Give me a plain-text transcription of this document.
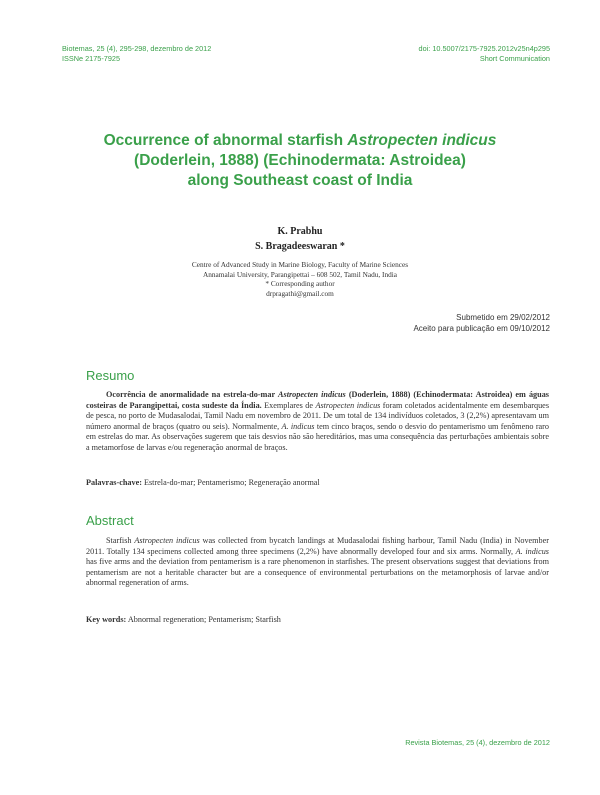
Biotemas, 25 (4), 295-298, dezembro de 2012
ISSNe 2175-7925
doi: 10.5007/2175-7925.2012v25n4p295
Short Communication
Occurrence of abnormal starfish Astropecten indicus
(Doderlein, 1888) (Echinodermata: Astroidea)
along Southeast coast of India
K. Prabhu
S. Bragadeeswaran *
Centre of Advanced Study in Marine Biology, Faculty of Marine Sciences
Annamalai University, Parangipettai – 608 502, Tamil Nadu, India
* Corresponding author
drpragathi@gmail.com
Submetido em 29/02/2012
Aceito para publicação em 09/10/2012
Resumo
Ocorrência de anormalidade na estrela-do-mar Astropecten indicus (Doderlein, 1888) (Echinodermata: Astroidea) em águas costeiras de Parangipettai, costa sudeste da Índia. Exemplares de Astropecten indicus foram coletados acidentalmente em desembarques de pesca, no porto de Mudasalodai, Tamil Nadu em novembro de 2011. De um total de 134 indivíduos coletados, 3 (2,2%) apresentavam um número anormal de braços (quatro ou seis). Normalmente, A. indicus tem cinco braços, sendo o desvio do pentamerismo um fenômeno raro em estrelas do mar. As observações sugerem que tais desvios não são hereditários, mas uma consequência das perturbações ambientais sobre a metamorfose de larvas e/ou regeneração anormal de braços.
Palavras-chave: Estrela-do-mar; Pentamerismo; Regeneração anormal
Abstract
Starfish Astropecten indicus was collected from bycatch landings at Mudasalodai fishing harbour, Tamil Nadu (India) in November 2011. Totally 134 specimens collected among three specimens (2,2%) have abnormally developed four and six arms. Normally, A. indicus has five arms and the deviation from pentamerism is a rare phenomenon in starfishes. The present observations suggest that deviations from pentamerism are not a heritable character but are a consequence of environmental perturbations on the metamorphosis of larvae and/or abnormal regeneration of arms.
Key words: Abnormal regeneration; Pentamerism; Starfish
Revista Biotemas, 25 (4), dezembro de 2012
